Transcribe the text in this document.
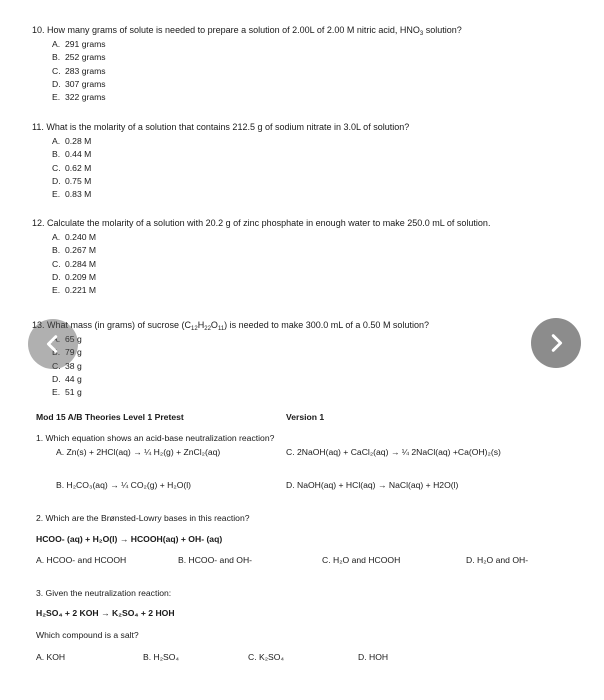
10. How many grams of solute is needed to prepare a solution of 2.00L of 2.00 M nitric acid, $HNO_3$ solution?
A. 291 grams
B. 252 grams
C. 283 grams
D. 307 grams
E. 322 grams
11. What is the molarity of a solution that contains 212.5 g of sodium nitrate in 3.0L of solution?
A. 0.28 M
B. 0.44 M
C. 0.62 M
D. 0.75 M
E. 0.83 M
12. Calculate the molarity of a solution with 20.2 g of zinc phosphate in enough water to make 250.0 mL of solution.
A. 0.240 M
B. 0.267 M
C. 0.284 M
D. 0.209 M
E. 0.221 M
13. What mass (in grams) of sucrose $(C_{12}H_{22}O_{11})$ is needed to make 300.0 mL of a 0.50 M solution?
A. 65 g
B. 79 g
C. 38 g
D. 44 g
E. 51 g
Mod 15 A/B Theories Level 1 Pretest	Version 1
1. Which equation shows an acid-base neutralization reaction?
A. Zn(s) + 2HCl(aq) → ¼ H₂(g) + ZnCl₂(aq)	C. 2NaOH(aq) + CaCl₂(aq) → ¼ 2NaCl(aq) +Ca(OH)₂(s)
B. H₂CO₃(aq) → ¼ CO₂(g) + H₂O(l)	D. NaOH(aq) + HCl(aq) → NaCl(aq) + H2O(l)
2. Which are the Brønsted-Lowry bases in this reaction?
HCOO- (aq) + H₂O(l) → HCOOH(aq) + OH- (aq)
A. HCOO- and HCOOH	B. HCOO- and OH-	C. H₂O and HCOOH	D. H₂O and OH-
3. Given the neutralization reaction:
H₂SO₄ + 2 KOH → K₂SO₄ + 2 HOH
Which compound is a salt?
A. KOH	B. H₂SO₄	C. K₂SO₄	D. HOH
